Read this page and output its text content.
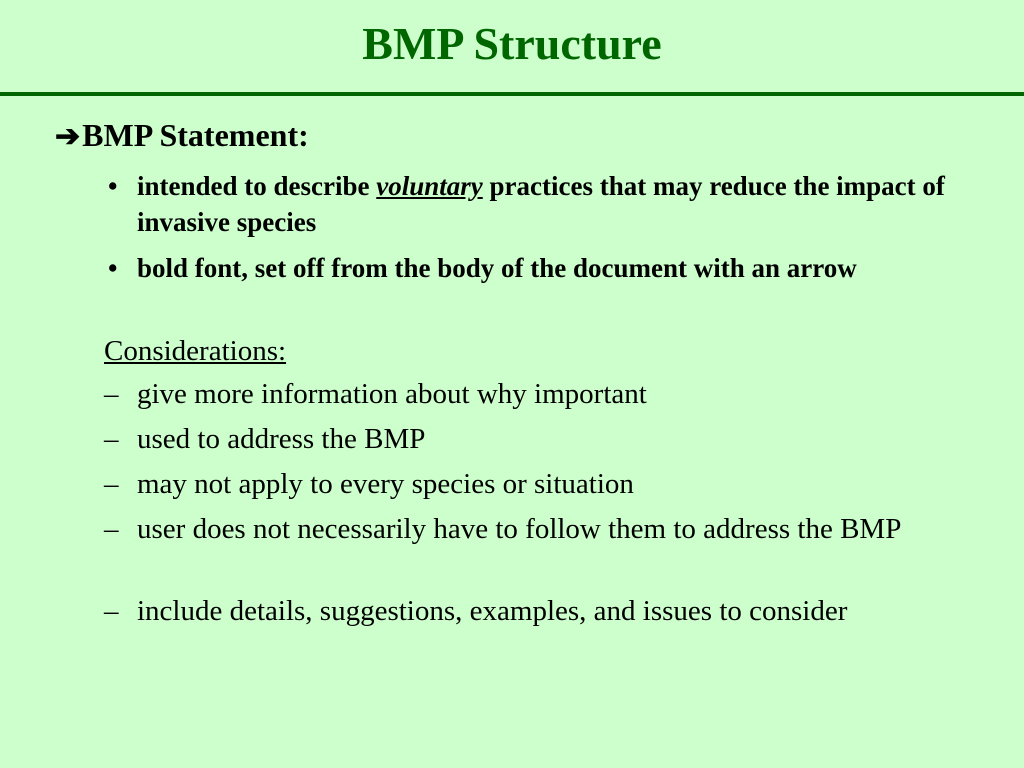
BMP Structure
➔BMP Statement:
• intended to describe voluntary practices that may reduce the impact of invasive species
• bold font, set off from the body of the document with an arrow
Considerations:
– give more information about why important
– used to address the BMP
– may not apply to every species or situation
– user does not necessarily have to follow them to address the BMP
– include details, suggestions, examples, and issues to consider
